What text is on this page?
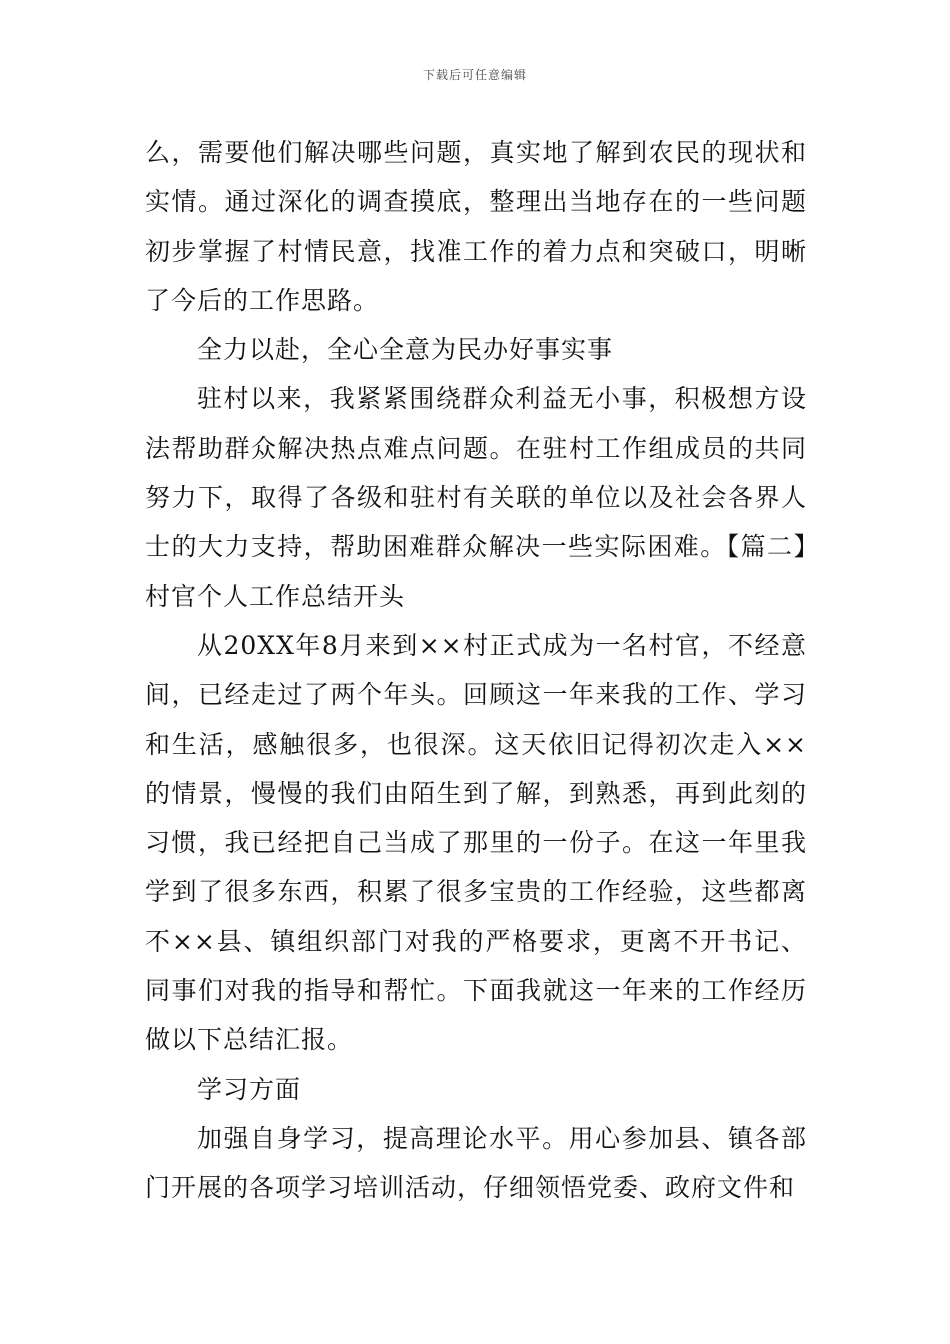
下载后可任意编辑

么，需要他们解决哪些问题，真实地了解到农民的现状和实情。通过深化的调查摸底，整理出当地存在的一些问题初步掌握了村情民意，找准工作的着力点和突破口，明晰了今后的工作思路。

全力以赴，全心全意为民办好事实事

驻村以来，我紧紧围绕群众利益无小事，积极想方设法帮助群众解决热点难点问题。在驻村工作组成员的共同努力下，取得了各级和驻村有关联的单位以及社会各界人士的大力支持，帮助困难群众解决一些实际困难。【篇二】村官个人工作总结开头

从20XX年8月来到××村正式成为一名村官，不经意间，已经走过了两个年头。回顾这一年来我的工作、学习和生活，感触很多，也很深。这天依旧记得初次走入××的情景，慢慢的我们由陌生到了解，到熟悉，再到此刻的习惯，我已经把自己当成了那里的一份子。在这一年里我学到了很多东西，积累了很多宝贵的工作经验，这些都离不××县、镇组织部门对我的严格要求，更离不开书记、同事们对我的指导和帮忙。下面我就这一年来的工作经历做以下总结汇报。

学习方面

加强自身学习，提高理论水平。用心参加县、镇各部门开展的各项学习培训活动，仔细领悟党委、政府文件和
